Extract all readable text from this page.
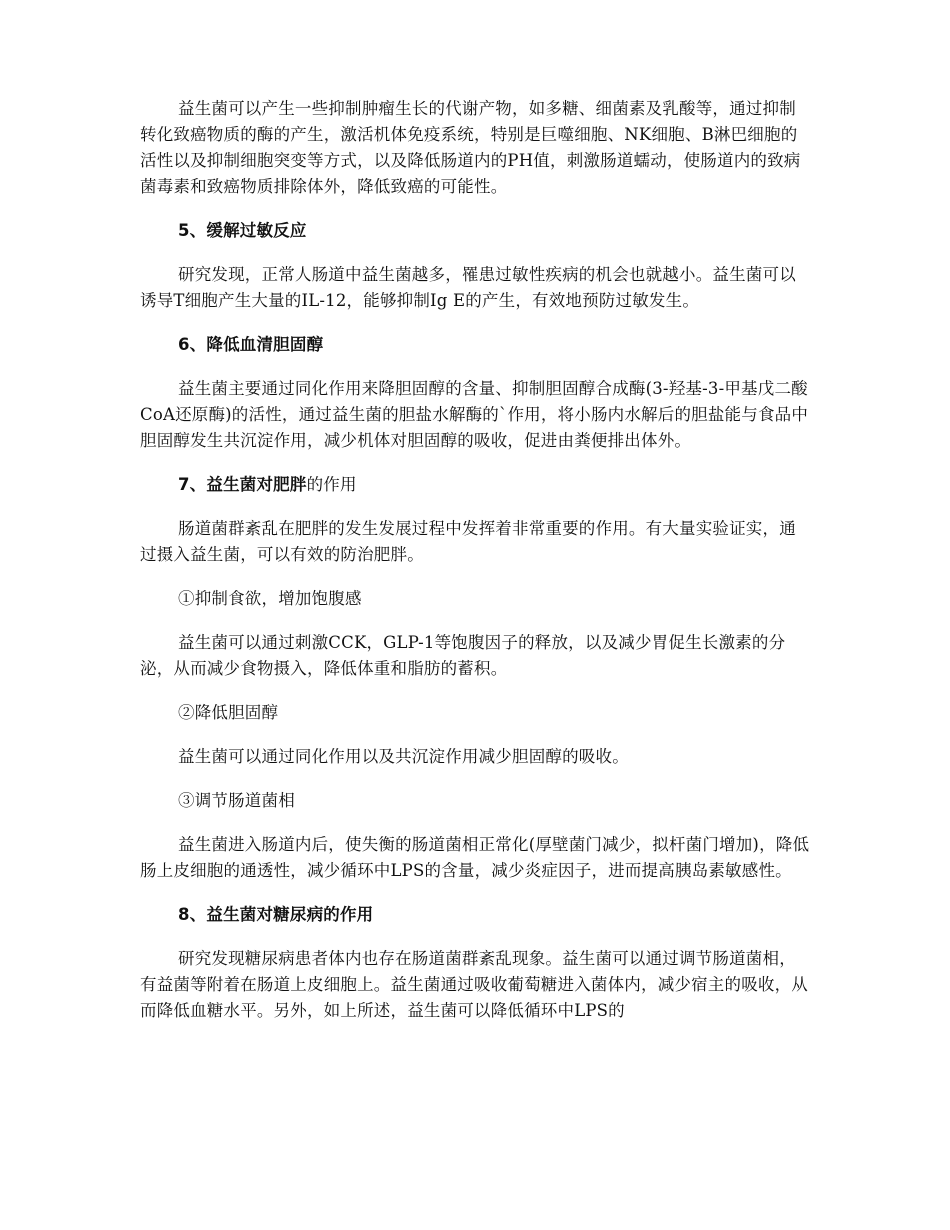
益生菌可以产生一些抑制肿瘤生长的代谢产物，如多糖、细菌素及乳酸等，通过抑制转化致癌物质的酶的产生，激活机体免疫系统，特别是巨噬细胞、NK细胞、B淋巴细胞的活性以及抑制细胞突变等方式，以及降低肠道内的PH值，刺激肠道蠕动，使肠道内的致病菌毒素和致癌物质排除体外，降低致癌的可能性。

5、缓解过敏反应

研究发现，正常人肠道中益生菌越多，罹患过敏性疾病的机会也就越小。益生菌可以诱导T细胞产生大量的IL-12，能够抑制Ig E的产生，有效地预防过敏发生。

6、降低血清胆固醇

益生菌主要通过同化作用来降胆固醇的含量、抑制胆固醇合成酶(3-羟基-3-甲基戊二酸CoA还原酶)的活性，通过益生菌的胆盐水解酶的`作用，将小肠内水解后的胆盐能与食品中胆固醇发生共沉淀作用，减少机体对胆固醇的吸收，促进由粪便排出体外。

7、益生菌对肥胖的作用

肠道菌群紊乱在肥胖的发生发展过程中发挥着非常重要的作用。有大量实验证实，通过摄入益生菌，可以有效的防治肥胖。

①抑制食欲，增加饱腹感

益生菌可以通过刺激CCK，GLP-1等饱腹因子的释放，以及减少胃促生长激素的分泌，从而减少食物摄入，降低体重和脂肪的蓄积。

②降低胆固醇

益生菌可以通过同化作用以及共沉淀作用减少胆固醇的吸收。

③调节肠道菌相

益生菌进入肠道内后，使失衡的肠道菌相正常化(厚壁菌门减少，拟杆菌门增加)，降低肠上皮细胞的通透性，减少循环中LPS的含量，减少炎症因子，进而提高胰岛素敏感性。

8、益生菌对糖尿病的作用

研究发现糖尿病患者体内也存在肠道菌群紊乱现象。益生菌可以通过调节肠道菌相，有益菌等附着在肠道上皮细胞上。益生菌通过吸收葡萄糖进入菌体内，减少宿主的吸收，从而降低血糖水平。另外，如上所述，益生菌可以降低循环中LPS的
